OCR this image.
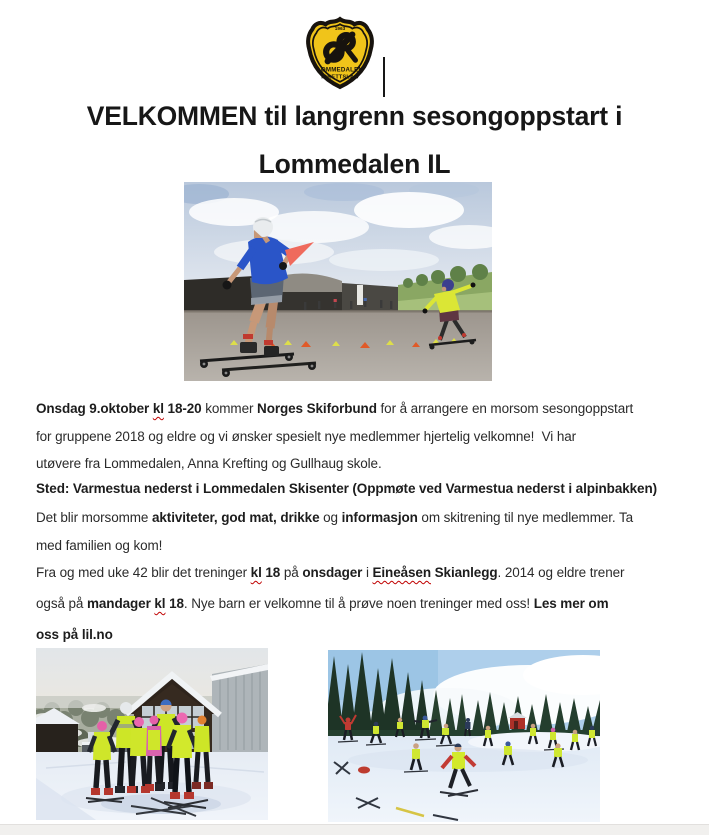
1963
LOMMEDALEN
IDRETTSLAG
VELKOMMEN til langrenn sesongoppstart i
Lommedalen IL

Onsdag 9.oktober kl 18-20 kommer Norges Skiforbund for å arrangere en morsom sesongoppstart
for gruppene 2018 og eldre og vi ønsker spesielt nye medlemmer hjertelig velkomne!  Vi har
utøvere fra Lommedalen, Anna Krefting og Gullhaug skole.

Sted: Varmestua nederst i Lommedalen Skisenter (Oppmøte ved Varmestua nederst i alpinbakken)

Det blir morsomme aktiviteter, god mat, drikke og informasjon om skitrening til nye medlemmer. Ta
med familien og kom!

Fra og med uke 42 blir det treninger kl 18 på onsdager i Eineåsen Skianlegg. 2014 og eldre trener
også på mandager kl 18. Nye barn er velkomne til å prøve noen treninger med oss! Les mer om
oss på lil.no
